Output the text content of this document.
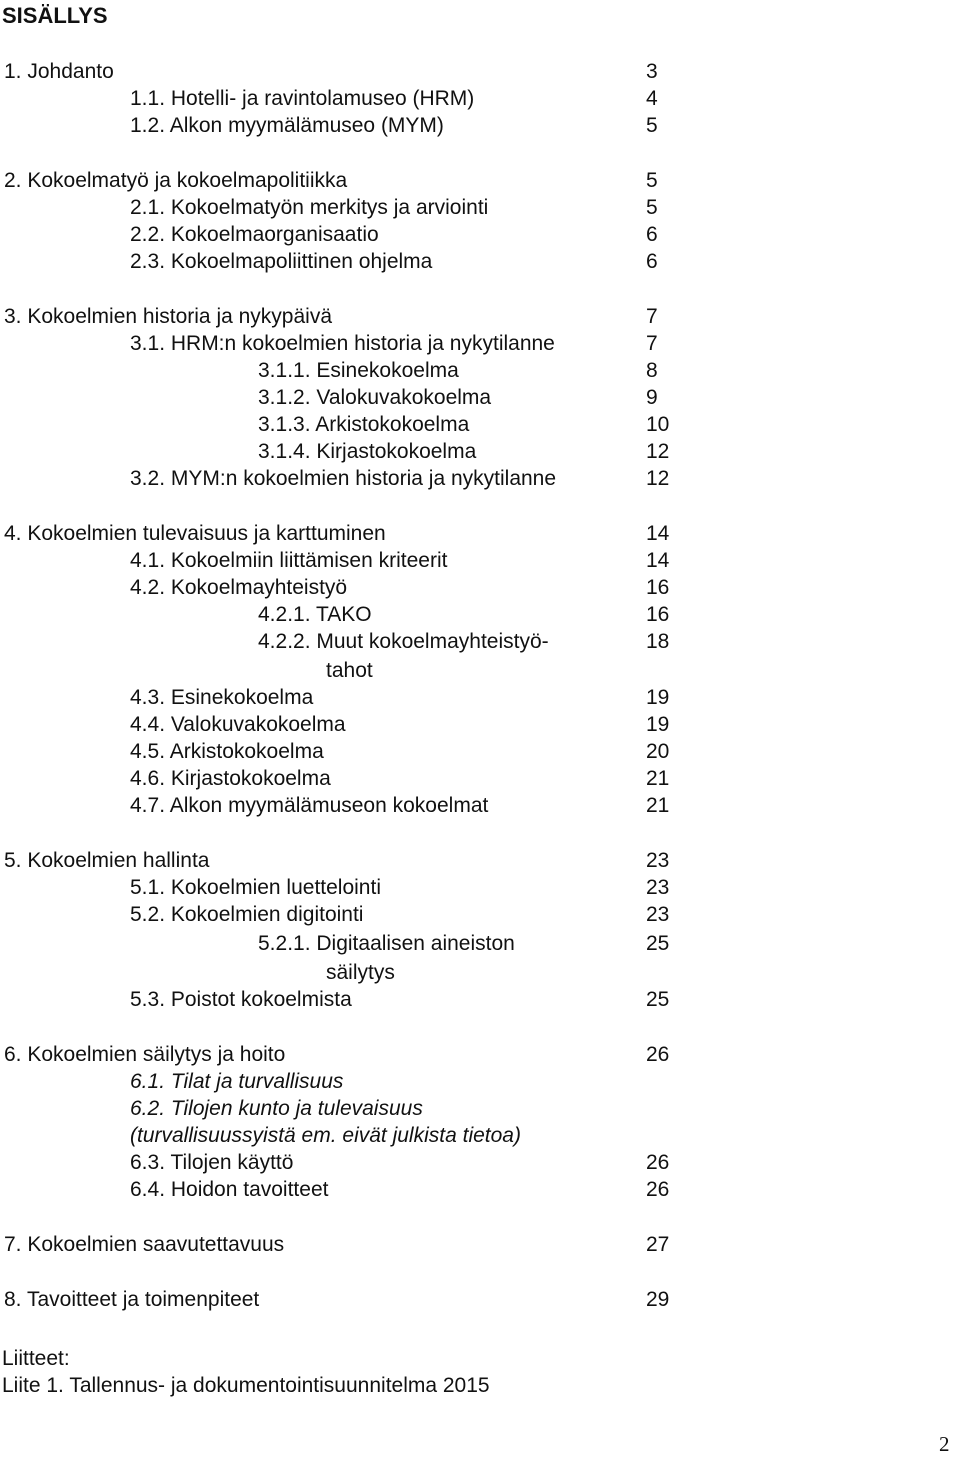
SISÄLLYS
1. Johdanto	3
1.1. Hotelli- ja ravintolamuseo (HRM)	4
1.2. Alkon myymälämuseo (MYM)	5
2. Kokoelmatyö ja kokoelmapolitiikka	5
2.1. Kokoelmatyön merkitys ja arviointi	5
2.2. Kokoelmaorganisaatio	6
2.3. Kokoelmapoliittinen ohjelma	6
3. Kokoelmien historia ja nykypäivä	7
3.1. HRM:n kokoelmien historia ja nykytilanne	7
3.1.1. Esinekokoelma	8
3.1.2. Valokuvakokoelma	9
3.1.3. Arkistokokoelma	10
3.1.4. Kirjastokokoelma	12
3.2. MYM:n kokoelmien historia ja nykytilanne	12
4. Kokoelmien tulevaisuus ja karttuminen	14
4.1. Kokoelmiin liittämisen kriteerit	14
4.2. Kokoelmayhteistyö	16
4.2.1. TAKO	16
4.2.2. Muut kokoelmayhteistyö-	18
tahot
4.3. Esinekokoelma	19
4.4. Valokuvakokoelma	19
4.5. Arkistokokoelma	20
4.6. Kirjastokokoelma	21
4.7. Alkon myymälämuseon kokoelmat	21
5. Kokoelmien hallinta	23
5.1. Kokoelmien luettelointi	23
5.2. Kokoelmien digitointi	23
5.2.1. Digitaalisen aineiston	25
säilytys
5.3. Poistot kokoelmista	25
6. Kokoelmien säilytys ja hoito	26
6.1. Tilat ja turvallisuus
6.2. Tilojen kunto ja tulevaisuus
(turvallisuussyistä em. eivät julkista tietoa)
6.3. Tilojen käyttö	26
6.4. Hoidon tavoitteet	26
7. Kokoelmien saavutettavuus	27
8. Tavoitteet ja toimenpiteet	29
Liitteet:
Liite 1. Tallennus- ja dokumentointisuunnitelma 2015
2
